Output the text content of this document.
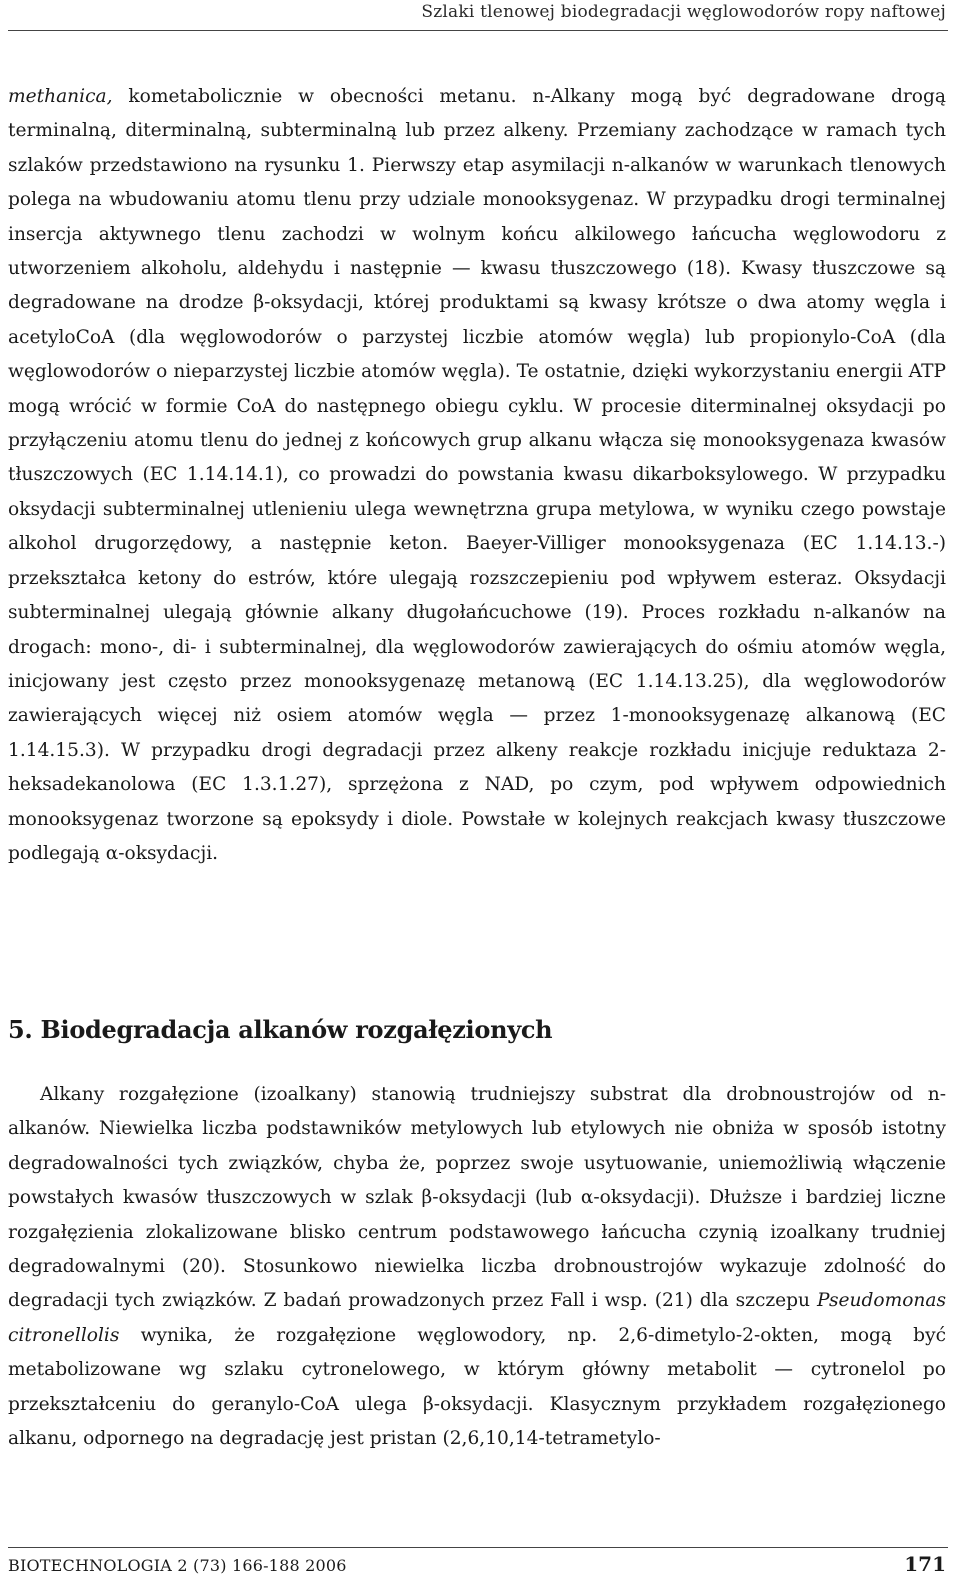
Szlaki tlenowej biodegradacji węglowodorów ropy naftowej

methanica, kometabolicznie w obecności metanu. n-Alkany mogą być degradowane drogą terminalną, diterminalną, subterminalną lub przez alkeny. Przemiany zachodzące w ramach tych szlaków przedstawiono na rysunku 1. Pierwszy etap asymilacji n-alkanów w warunkach tlenowych polega na wbudowaniu atomu tlenu przy udziale monooksygenaz. W przypadku drogi terminalnej insercja aktywnego tlenu zachodzi w wolnym końcu alkilowego łańcucha węglowodoru z utworzeniem alkoholu, aldehydu i następnie — kwasu tłuszczowego (18). Kwasy tłuszczowe są degradowane na drodze β-oksydacji, której produktami są kwasy krótsze o dwa atomy węgla i acetyloCoA (dla węglowodorów o parzystej liczbie atomów węgla) lub propionylo-CoA (dla węglowodorów o nieparzystej liczbie atomów węgla). Te ostatnie, dzięki wykorzystaniu energii ATP mogą wrócić w formie CoA do następnego obiegu cyklu. W procesie diterminalnej oksydacji po przyłączeniu atomu tlenu do jednej z końcowych grup alkanu włącza się monooksygenaza kwasów tłuszczowych (EC 1.14.14.1), co prowadzi do powstania kwasu dikarboksylowego. W przypadku oksydacji subterminalnej utlenieniu ulega wewnętrzna grupa metylowa, w wyniku czego powstaje alkohol drugorzędowy, a następnie keton. Baeyer-Villiger monooksygenaza (EC 1.14.13.-) przekształca ketony do estrów, które ulegają rozszczepieniu pod wpływem esteraz. Oksydacji subterminalnej ulegają głównie alkany długołańcuchowe (19). Proces rozkładu n-alkanów na drogach: mono-, di- i subterminalnej, dla węglowodorów zawierających do ośmiu atomów węgla, inicjowany jest często przez monooksygenazę metanową (EC 1.14.13.25), dla węglowodorów zawierających więcej niż osiem atomów węgla — przez 1-monooksygenazę alkanową (EC 1.14.15.3). W przypadku drogi degradacji przez alkeny reakcje rozkładu inicjuje reduktaza 2-heksadekanolowa (EC 1.3.1.27), sprzężona z NAD, po czym, pod wpływem odpowiednich monooksygenaz tworzone są epoksydy i diole. Powstałe w kolejnych reakcjach kwasy tłuszczowe podlegają α-oksydacji.

5. Biodegradacja alkanów rozgałęzionych

Alkany rozgałęzione (izoalkany) stanowią trudniejszy substrat dla drobnoustrojów od n-alkanów. Niewielka liczba podstawników metylowych lub etylowych nie obniża w sposób istotny degradowalności tych związków, chyba że, poprzez swoje usytuowanie, uniemożliwią włączenie powstałych kwasów tłuszczowych w szlak β-oksydacji (lub α-oksydacji). Dłuższe i bardziej liczne rozgałęzienia zlokalizowane blisko centrum podstawowego łańcucha czynią izoalkany trudniej degradowalnymi (20). Stosunkowo niewielka liczba drobnoustrojów wykazuje zdolność do degradacji tych związków. Z badań prowadzonych przez Fall i wsp. (21) dla szczepu Pseudomonas citronellolis wynika, że rozgałęzione węglowodory, np. 2,6-dimetylo-2-okten, mogą być metabolizowane wg szlaku cytronelowego, w którym główny metabolit — cytronelol po przekształceniu do geranylo-CoA ulega β-oksydacji. Klasycznym przykładem rozgałęzionego alkanu, odpornego na degradację jest pristan (2,6,10,14-tetrametylo-

BIOTECHNOLOGIA 2 (73) 166-188 2006	171
